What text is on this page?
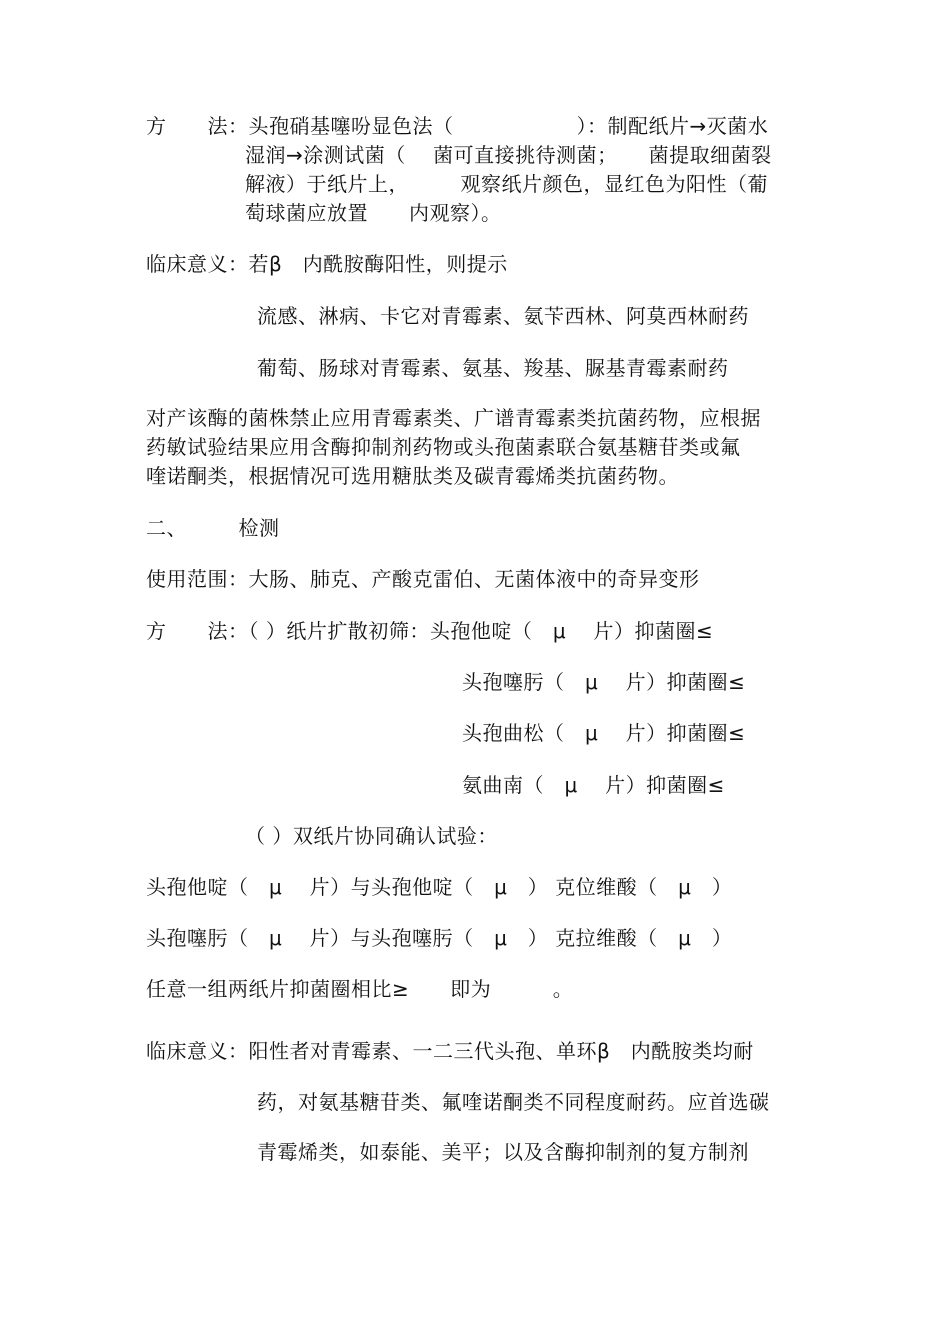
方　　法：头孢硝基噻吩显色法（　　　　　　）：制配纸片→灭菌水
湿润→涂测试菌（　 菌可直接挑待测菌；　　菌提取细菌裂
解液）于纸片上，　　　观察纸片颜色，显红色为阳性（葡
萄球菌应放置　　内观察）。
临床意义：若β　内酰胺酶阳性，则提示
流感、淋病、卡它对青霉素、氨苄西林、阿莫西林耐药
葡萄、肠球对青霉素、氨基、羧基、脲基青霉素耐药
对产该酶的菌株禁止应用青霉素类、广谱青霉素类抗菌药物，应根据
药敏试验结果应用含酶抑制剂药物或头孢菌素联合氨基糖苷类或氟
喹诺酮类，根据情况可选用糖肽类及碳青霉烯类抗菌药物。
二、　　　检测
使用范围：大肠、肺克、产酸克雷伯、无菌体液中的奇异变形
方　　法：（ ）纸片扩散初筛：头孢他啶（　μ　 片）抑菌圈≤
头孢噻肟（　μ　 片）抑菌圈≤
头孢曲松（　μ　 片）抑菌圈≤
氨曲南（　μ　 片）抑菌圈≤
（ ）双纸片协同确认试验：
头孢他啶（　μ　 片）与头孢他啶（　μ　） 克位维酸（　μ　）
头孢噻肟（　μ　 片）与头孢噻肟（　μ　） 克拉维酸（　μ　）
任意一组两纸片抑菌圈相比≥　　即为　　　。
临床意义：阳性者对青霉素、一二三代头孢、单环β　内酰胺类均耐
药，对氨基糖苷类、氟喹诺酮类不同程度耐药。应首选碳
青霉烯类，如泰能、美平；以及含酶抑制剂的复方制剂
